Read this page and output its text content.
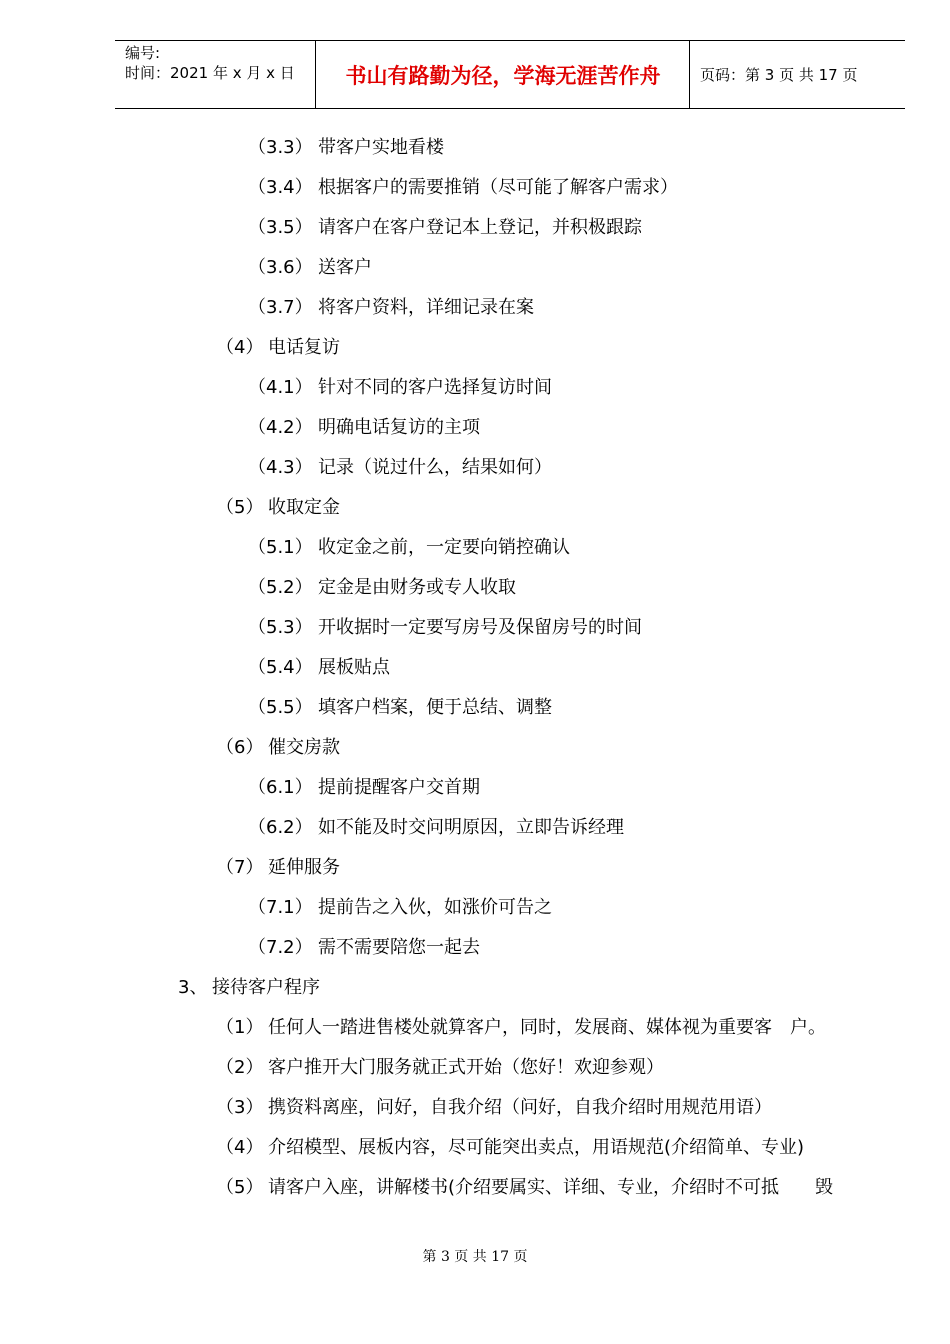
编号:
时间：2021 年 x 月 x 日	书山有路勤为径，学海无涯苦作舟	页码：第 3 页 共 17 页
（3.3） 带客户实地看楼
（3.4） 根据客户的需要推销（尽可能了解客户需求）
（3.5） 请客户在客户登记本上登记，并积极跟踪
（3.6） 送客户
（3.7） 将客户资料，详细记录在案
（4） 电话复访
（4.1） 针对不同的客户选择复访时间
（4.2） 明确电话复访的主项
（4.3） 记录（说过什么，结果如何）
（5） 收取定金
（5.1） 收定金之前，一定要向销控确认
（5.2） 定金是由财务或专人收取
（5.3） 开收据时一定要写房号及保留房号的时间
（5.4） 展板贴点
（5.5） 填客户档案，便于总结、调整
（6） 催交房款
（6.1） 提前提醒客户交首期
（6.2） 如不能及时交问明原因，立即告诉经理
（7） 延伸服务
（7.1） 提前告之入伙，如涨价可告之
（7.2） 需不需要陪您一起去
3、 接待客户程序
（1） 任何人一踏进售楼处就算客户，同时，发展商、媒体视为重要客　户。
（2） 客户推开大门服务就正式开始（您好！欢迎参观）
（3） 携资料离座，问好，自我介绍（问好，自我介绍时用规范用语）
（4） 介绍模型、展板内容，尽可能突出卖点，用语规范(介绍简单、专业)
（5） 请客户入座，讲解楼书(介绍要属实、详细、专业，介绍时不可抵　　毁
第 3 页 共 17 页
